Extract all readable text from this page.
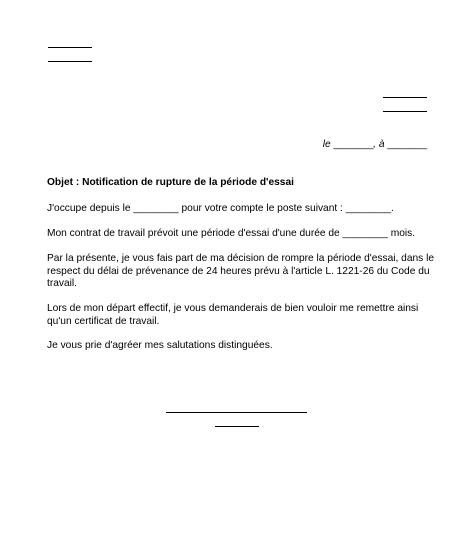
le _______, à _______
Objet : Notification de rupture de la période d'essai
J'occupe depuis le ________ pour votre compte le poste suivant : ________.
Mon contrat de travail prévoit une période d'essai d'une durée de ________ mois.
Par la présente, je vous fais part de ma décision de rompre la période d'essai, dans le respect du délai de prévenance de 24 heures prévu à l'article L. 1221-26 du Code du travail.
Lors de mon départ effectif, je vous demanderais de bien vouloir me remettre ainsi qu'un certificat de travail.
Je vous prie d'agréer mes salutations distinguées.
